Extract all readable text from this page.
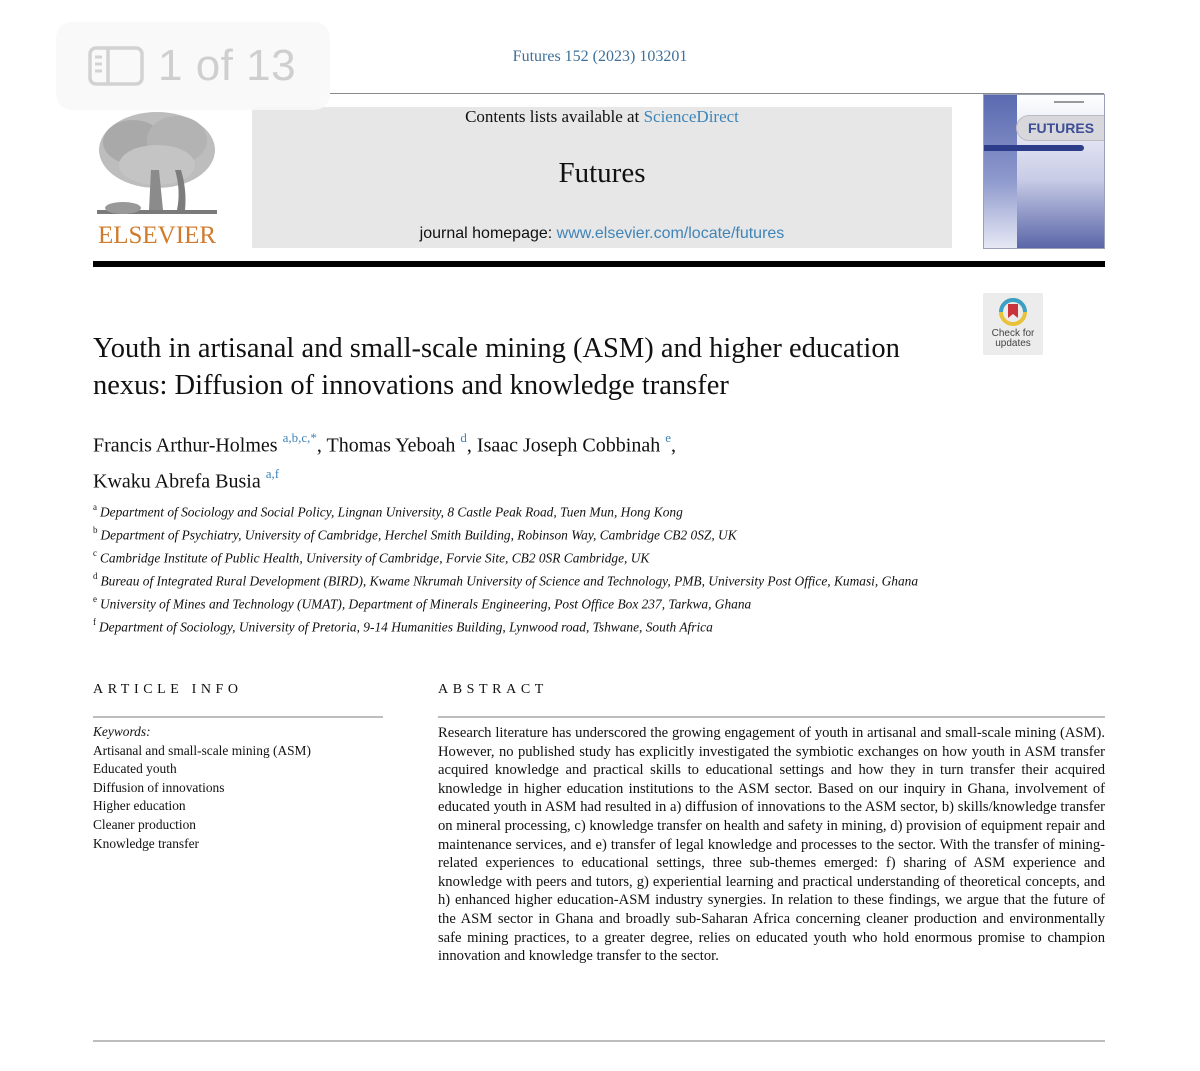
1 of 13	Futures 152 (2023) 103201
ELSEVIER
Contents lists available at ScienceDirect
Futures
journal homepage: www.elsevier.com/locate/futures
FUTURES
Check for updates
Youth in artisanal and small-scale mining (ASM) and higher education nexus: Diffusion of innovations and knowledge transfer
Francis Arthur-Holmes $^{a,b,c,*}$, Thomas Yeboah $^d$, Isaac Joseph Cobbinah $^e$,
Kwaku Abrefa Busia $^{a,f}$
$^a$ Department of Sociology and Social Policy, Lingnan University, 8 Castle Peak Road, Tuen Mun, Hong Kong
$^b$ Department of Psychiatry, University of Cambridge, Herchel Smith Building, Robinson Way, Cambridge CB2 0SZ, UK
$^c$ Cambridge Institute of Public Health, University of Cambridge, Forvie Site, CB2 0SR Cambridge, UK
$^d$ Bureau of Integrated Rural Development (BIRD), Kwame Nkrumah University of Science and Technology, PMB, University Post Office, Kumasi, Ghana
$^e$ University of Mines and Technology (UMAT), Department of Minerals Engineering, Post Office Box 237, Tarkwa, Ghana
$^f$ Department of Sociology, University of Pretoria, 9-14 Humanities Building, Lynwood road, Tshwane, South Africa
ARTICLE INFO	ABSTRACT
Keywords:
Artisanal and small-scale mining (ASM)
Educated youth
Diffusion of innovations
Higher education
Cleaner production
Knowledge transfer
Research literature has underscored the growing engagement of youth in artisanal and small-scale mining (ASM). However, no published study has explicitly investigated the symbiotic exchanges on how youth in ASM transfer acquired knowledge and practical skills to educational settings and how they in turn transfer their acquired knowledge in higher education institutions to the ASM sector. Based on our inquiry in Ghana, involvement of educated youth in ASM had resulted in a) diffusion of innovations to the ASM sector, b) skills/knowledge transfer on mineral processing, c) knowledge transfer on health and safety in mining, d) provision of equipment repair and maintenance services, and e) transfer of legal knowledge and processes to the sector. With the transfer of mining-related experiences to educational settings, three sub-themes emerged: f) sharing of ASM experience and knowledge with peers and tutors, g) experiential learning and practical understanding of theoretical concepts, and h) enhanced higher education-ASM industry synergies. In relation to these findings, we argue that the future of the ASM sector in Ghana and broadly sub-Saharan Africa concerning cleaner production and environmentally safe mining practices, to a greater degree, relies on educated youth who hold enormous promise to champion innovation and knowledge transfer to the sector.
